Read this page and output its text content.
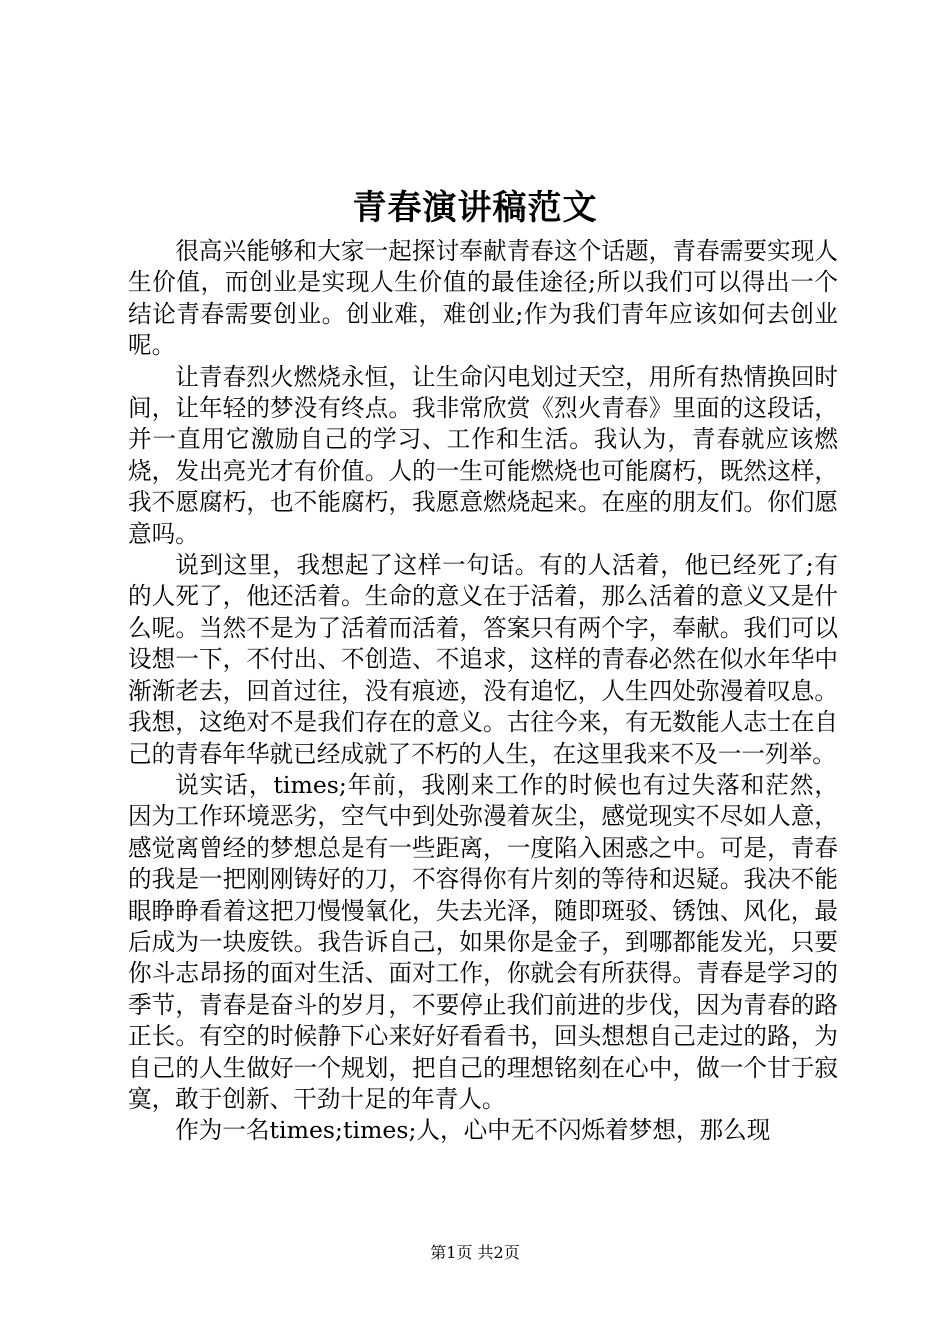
青春演讲稿范文

很高兴能够和大家一起探讨奉献青春这个话题，青春需要实现人生价值，而创业是实现人生价值的最佳途径;所以我们可以得出一个结论青春需要创业。创业难，难创业;作为我们青年应该如何去创业呢。

让青春烈火燃烧永恒，让生命闪电划过天空，用所有热情换回时间，让年轻的梦没有终点。我非常欣赏《烈火青春》里面的这段话，并一直用它激励自己的学习、工作和生活。我认为，青春就应该燃烧，发出亮光才有价值。人的一生可能燃烧也可能腐朽，既然这样，我不愿腐朽，也不能腐朽，我愿意燃烧起来。在座的朋友们。你们愿意吗。

说到这里，我想起了这样一句话。有的人活着，他已经死了;有的人死了，他还活着。生命的意义在于活着，那么活着的意义又是什么呢。当然不是为了活着而活着，答案只有两个字，奉献。我们可以设想一下，不付出、不创造、不追求，这样的青春必然在似水年华中渐渐老去，回首过往，没有痕迹，没有追忆，人生四处弥漫着叹息。我想，这绝对不是我们存在的意义。古往今来，有无数能人志士在自己的青春年华就已经成就了不朽的人生，在这里我来不及一一列举。

说实话，times;年前，我刚来工作的时候也有过失落和茫然，因为工作环境恶劣，空气中到处弥漫着灰尘，感觉现实不尽如人意，感觉离曾经的梦想总是有一些距离，一度陷入困惑之中。可是，青春的我是一把刚刚铸好的刀，不容得你有片刻的等待和迟疑。我决不能眼睁睁看着这把刀慢慢氧化，失去光泽，随即斑驳、锈蚀、风化，最后成为一块废铁。我告诉自己，如果你是金子，到哪都能发光，只要你斗志昂扬的面对生活、面对工作，你就会有所获得。青春是学习的季节，青春是奋斗的岁月，不要停止我们前进的步伐，因为青春的路正长。有空的时候静下心来好好看看书，回头想想自己走过的路，为自己的人生做好一个规划，把自己的理想铭刻在心中，做一个甘于寂寞，敢于创新、干劲十足的年青人。

作为一名times;times;人，心中无不闪烁着梦想，那么现

第1页 共2页
